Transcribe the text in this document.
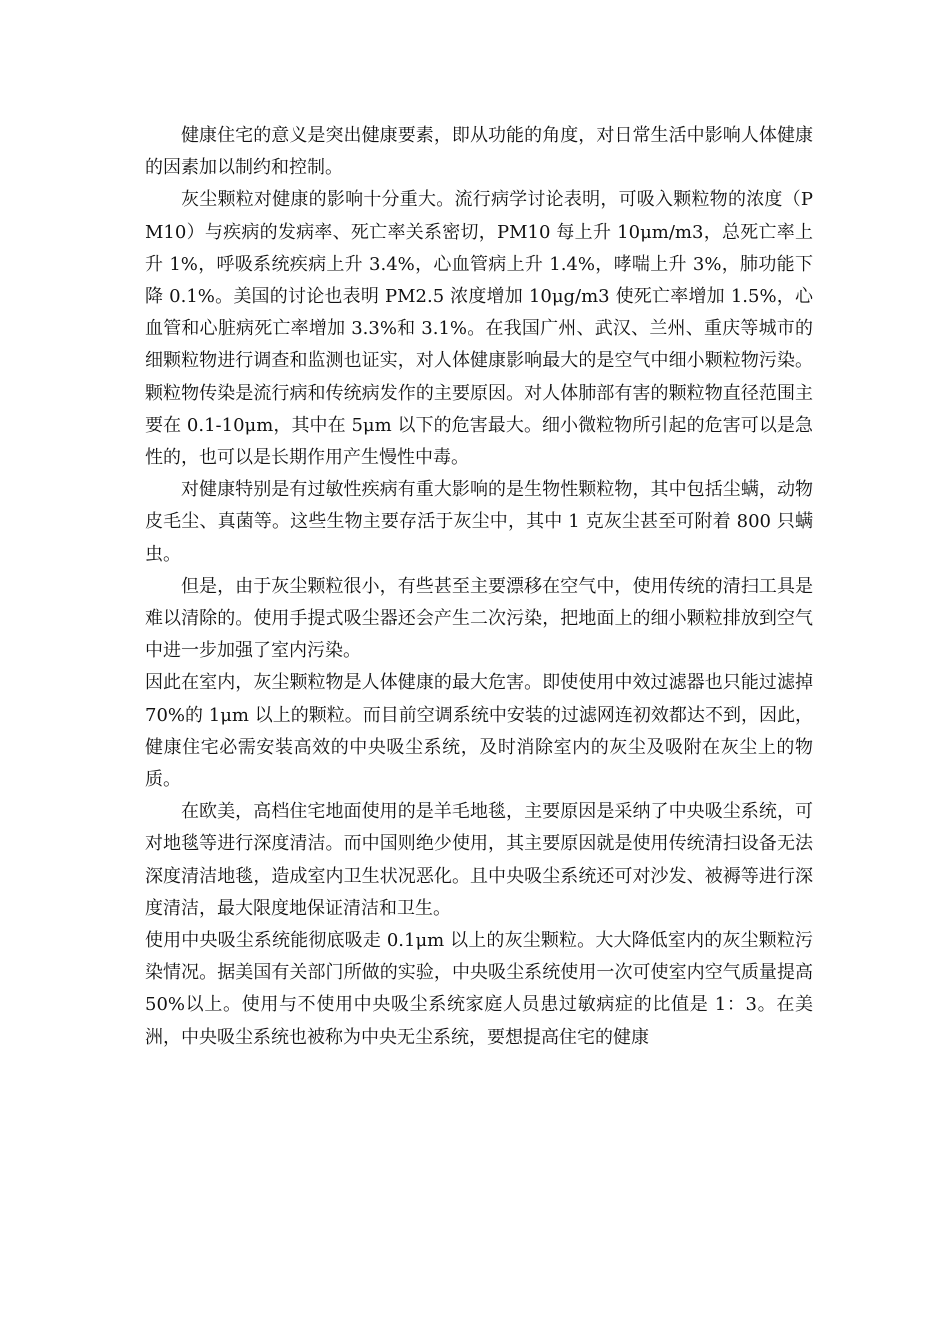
健康住宅的意义是突出健康要素，即从功能的角度，对日常生活中影响人体健康的因素加以制约和控制。

灰尘颗粒对健康的影响十分重大。流行病学讨论表明，可吸入颗粒物的浓度（PM10）与疾病的发病率、死亡率关系密切，PM10 每上升 10μm/m3，总死亡率上升 1%，呼吸系统疾病上升 3.4%，心血管病上升 1.4%，哮喘上升 3%，肺功能下降 0.1%。美国的讨论也表明 PM2.5 浓度增加 10μg/m3 使死亡率增加 1.5%，心血管和心脏病死亡率增加 3.3%和 3.1%。在我国广州、武汉、兰州、重庆等城市的细颗粒物进行调查和监测也证实，对人体健康影响最大的是空气中细小颗粒物污染。颗粒物传染是流行病和传统病发作的主要原因。对人体肺部有害的颗粒物直径范围主要在 0.1-10μm，其中在 5μm 以下的危害最大。细小微粒物所引起的危害可以是急性的，也可以是长期作用产生慢性中毒。

对健康特别是有过敏性疾病有重大影响的是生物性颗粒物，其中包括尘螨，动物皮毛尘、真菌等。这些生物主要存活于灰尘中，其中 1 克灰尘甚至可附着 800 只螨虫。

但是，由于灰尘颗粒很小，有些甚至主要漂移在空气中，使用传统的清扫工具是难以清除的。使用手提式吸尘器还会产生二次污染，把地面上的细小颗粒排放到空气中进一步加强了室内污染。

因此在室内，灰尘颗粒物是人体健康的最大危害。即使使用中效过滤器也只能过滤掉 70%的 1μm 以上的颗粒。而目前空调系统中安装的过滤网连初效都达不到，因此，健康住宅必需安装高效的中央吸尘系统，及时消除室内的灰尘及吸附在灰尘上的物质。

在欧美，高档住宅地面使用的是羊毛地毯，主要原因是采纳了中央吸尘系统，可对地毯等进行深度清洁。而中国则绝少使用，其主要原因就是使用传统清扫设备无法深度清洁地毯，造成室内卫生状况恶化。且中央吸尘系统还可对沙发、被褥等进行深度清洁，最大限度地保证清洁和卫生。

使用中央吸尘系统能彻底吸走 0.1μm 以上的灰尘颗粒。大大降低室内的灰尘颗粒污染情况。据美国有关部门所做的实验，中央吸尘系统使用一次可使室内空气质量提高 50%以上。使用与不使用中央吸尘系统家庭人员患过敏病症的比值是 1：3。在美洲，中央吸尘系统也被称为中央无尘系统，要想提高住宅的健康
